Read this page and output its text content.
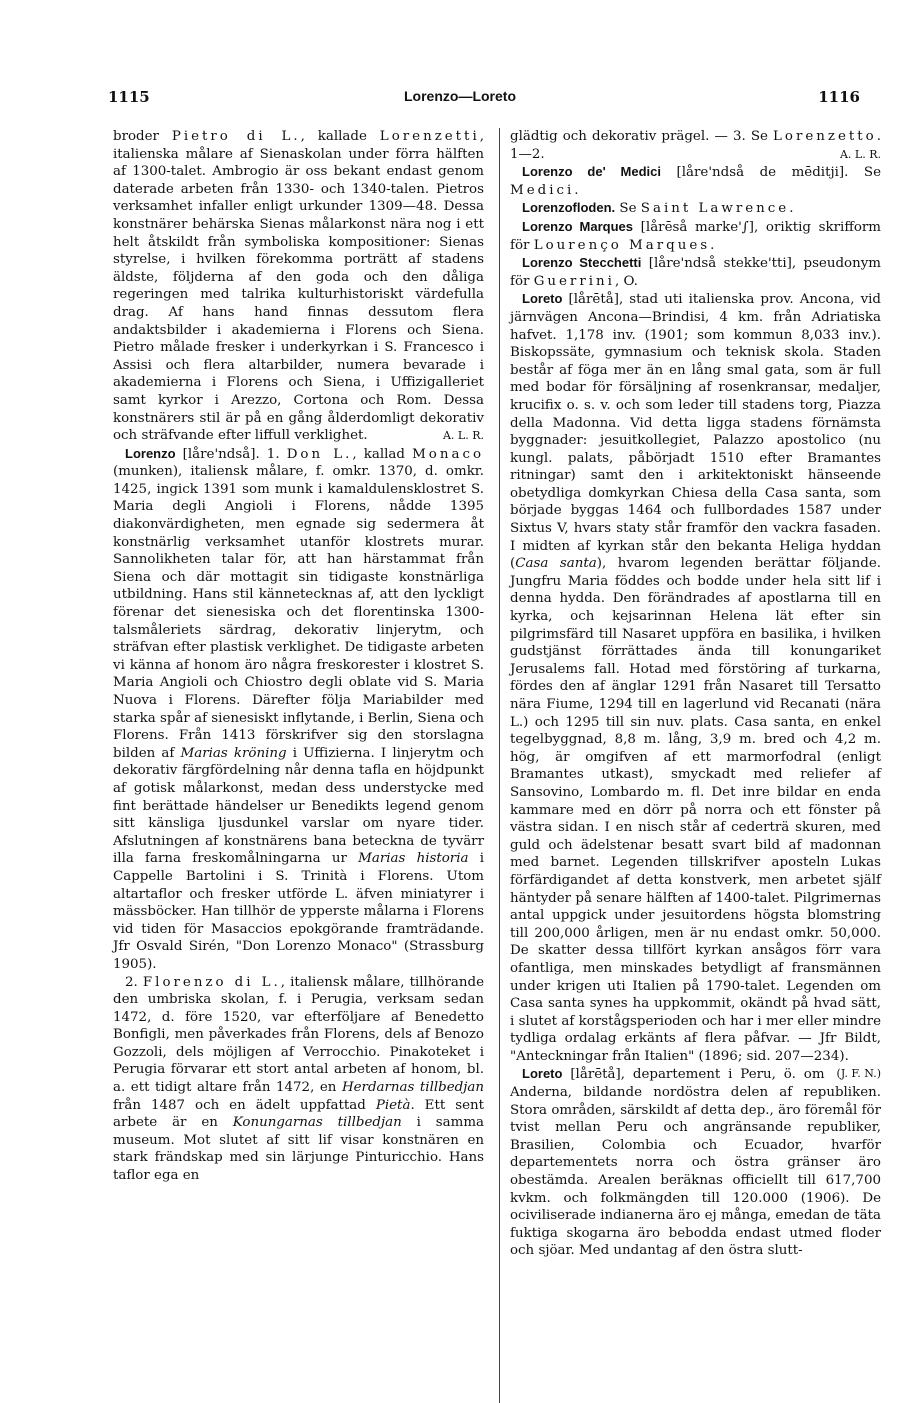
1115	Lorenzo—Loreto	1116

broder Pietro di L., kallade Lorenzetti, italienska målare af Sienaskolan under förra hälften af 1300-talet. Ambrogio är oss bekant endast genom daterade arbeten från 1330- och 1340-talen. Pietros verksamhet infaller enligt urkunder 1309—48. Dessa konstnärer behärska Sienas målarkonst nära nog i ett helt åtskildt från symboliska kompositioner: Sienas styrelse, i hvilken förekomma porträtt af stadens äldste, följderna af den goda och den dåliga regeringen med talrika kulturhistoriskt värdefulla drag. Af hans hand finnas dessutom flera andaktsbilder i akademierna i Florens och Siena. Pietro målade fresker i underkyrkan i S. Francesco i Assisi och flera altarbilder, numera bevarade i akademierna i Florens och Siena, i Uffizigalleriet samt kyrkor i Arezzo, Cortona och Rom. Dessa konstnärers stil är på en gång ålderdomligt dekorativ och sträfvande efter liffull verklighet.	A. L. R.

Lorenzo [låre'ndså]. 1. Don L., kallad Monaco (munken), italiensk målare, f. omkr. 1370, d. omkr. 1425, ingick 1391 som munk i kamaldulensklostret S. Maria degli Angioli i Florens, nådde 1395 diakonvärdigheten, men egnade sig sedermera åt konstnärlig verksamhet utanför klostrets murar. Sannolikheten talar för, att han härstammat från Siena och där mottagit sin tidigaste konstnärliga utbildning. Hans stil kännetecknas af, att den lyckligt förenar det sienesiska och det florentinska 1300-talsmåleriets särdrag, dekorativ linjerytm, och sträfvan efter plastisk verklighet. De tidigaste arbeten vi känna af honom äro några freskorester i klostret S. Maria Angioli och Chiostro degli oblate vid S. Maria Nuova i Florens. Därefter följa Mariabilder med starka spår af sienesiskt inflytande, i Berlin, Siena och Florens. Från 1413 förskrifver sig den storslagna bilden af Marias kröning i Uffizierna. I linjerytm och dekorativ färgfördelning når denna tafla en höjdpunkt af gotisk målarkonst, medan dess understycke med fint berättade händelser ur Benedikts legend genom sitt känsliga ljusdunkel varslar om nyare tider. Afslutningen af konstnärens bana betecknа de tyvärr illa farna freskomålningarna ur Marias historia i Cappelle Bartolini i S. Trinità i Florens. Utom altartaflor och fresker utförde L. äfven miniatyrer i mässböcker. Han tillhör de ypperste målarna i Florens vid tiden för Masaccios epokgörande framträdande. Jfr Osvald Sirén, "Don Lorenzo Monaco" (Strassburg 1905).

2. Florenzo di L., italiensk målare, tillhörande den umbriska skolan, f. i Perugia, verksam sedan 1472, d. före 1520, var efterföljare af Benedetto Bonfigli, men påverkades från Florens, dels af Benozo Gozzoli, dels möjligen af Verrocchio. Pinakoteket i Perugia förvarar ett stort antal arbeten af honom, bl. a. ett tidigt altare från 1472, en Herdarnas tillbedjan från 1487 och en ädelt uppfattad Pietà. Ett sent arbete är en Konungarnas tillbedjan i samma museum. Mot slutet af sitt lif visar konstnären en stark frändskap med sin lärjunge Pinturicchio. Hans taflor ega en

glädtig och dekorativ prägel. — 3. Se Lorenzetto. 1—2.	A. L. R.

Lorenzo de' Medici [låre'ndså de mēditji]. Se Medici.

Lorenzofloden. Se Saint Lawrence.

Lorenzo Marques [lårēså marke'∫], oriktig skrifform för Lourenço Marques.

Lorenzo Stecchetti [låre'ndså stekke'tti], pseudonym för Guerrini, O.

Loreto [lårētå], stad uti italienska prov. Ancona, vid järnvägen Ancona—Brindisi, 4 km. från Adriatiska hafvet. 1,178 inv. (1901; som kommun 8,033 inv.). Biskopssäte, gymnasium och teknisk skola. Staden består af föga mer än en lång smal gata, som är full med bodar för försäljning af rosenkransar, medaljer, krucifix o. s. v. och som leder till stadens torg, Piazza della Madonna. Vid detta ligga stadens förnämsta byggnader: jesuitkollegiet, Palazzo apostolico (nu kungl. palats, påbörjadt 1510 efter Bramantes ritningar) samt den i arkitektoniskt hänseende obetydliga domkyrkan Chiesa della Casa santa, som började byggas 1464 och fullbordades 1587 under Sixtus V, hvars staty står framför den vackra fasaden. I midten af kyrkan står den bekanta Heliga hyddan (Casa santa), hvarom legenden berättar följande. Jungfru Maria föddes och bodde under hela sitt lif i denna hydda. Den förändrades af apostlarna till en kyrka, och kejsarinnan Helena lät efter sin pilgrimsfärd till Nasaret uppföra en basilika, i hvilken gudstjänst förrättades ända till konungariket Jerusalems fall. Hotad med förstöring af turkarna, fördes den af änglar 1291 från Nasaret till Tersatto nära Fiume, 1294 till en lagerlund vid Recanati (nära L.) och 1295 till sin nuv. plats. Casa santa, en enkel tegelbyggnad, 8,8 m. lång, 3,9 m. bred och 4,2 m. hög, är omgifven af ett marmorfodral (enligt Bramantes utkast), smyckadt med reliefer af Sansovino, Lombardo m. fl. Det inre bildar en enda kammare med en dörr på norra och ett fönster på västra sidan. I en nisch står af cederträ skuren, med guld och ädelstenar besatt svart bild af madonnan med barnet. Legenden tillskrifver aposteln Lukas förfärdigandet af detta konstverk, men arbetet själf häntyder på senare hälften af 1400-talet. Pilgrimernas antal uppgick under jesuitordens högsta blomstring till 200,000 årligen, men är nu endast omkr. 50,000. De skatter dessa tillfört kyrkan ansågos förr vara ofantliga, men minskades betydligt af fransmännen under krigen uti Italien på 1790-talet. Legenden om Casa santa synes ha uppkommit, okändt på hvad sätt, i slutet af korstågsperioden och har i mer eller mindre tydliga ordalag erkänts af flera påfvar. — Jfr Bildt, "Anteckningar från Italien" (1896; sid. 207—234).
(J. F. N.)

Loreto [lårētå], departement i Peru, ö. om Anderna, bildande nordöstra delen af republiken. Stora områden, särskildt af detta dep., äro föremål för tvist mellan Peru och angränsande republiker, Brasilien, Colombia och Ecuador, hvarför departementets norra och östra gränser äro obestämda. Arealen beräknas officiellt till 617,700 kvkm. och folkmängden till 120.000 (1906). De ociviliserade indianerna äro ej många, emedan de täta fuktiga skogarna äro bebodda endast utmed floder och sjöar. Med undantag af den östra slutt-
